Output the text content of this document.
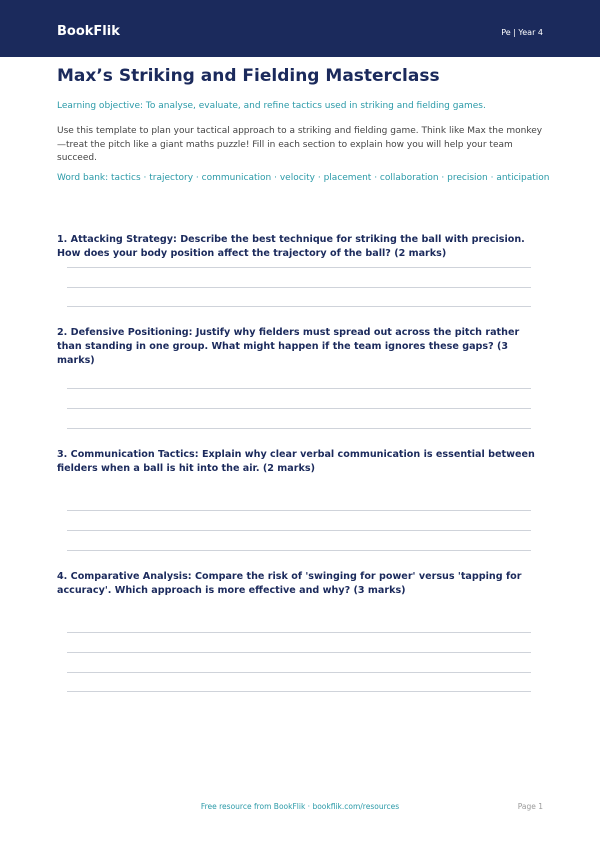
BookFlik	Pe | Year 4
Max’s Striking and Fielding Masterclass
Learning objective: To analyse, evaluate, and refine tactics used in striking and fielding games.
Use this template to plan your tactical approach to a striking and fielding game. Think like Max the monkey—treat the pitch like a giant maths puzzle! Fill in each section to explain how you will help your team succeed.
Word bank: tactics · trajectory · communication · velocity · placement · collaboration · precision · anticipation
1. Attacking Strategy: Describe the best technique for striking the ball with precision. How does your body position affect the trajectory of the ball? (2 marks)
2. Defensive Positioning: Justify why fielders must spread out across the pitch rather than standing in one group. What might happen if the team ignores these gaps? (3 marks)
3. Communication Tactics: Explain why clear verbal communication is essential between fielders when a ball is hit into the air. (2 marks)
4. Comparative Analysis: Compare the risk of 'swinging for power' versus 'tapping for accuracy'. Which approach is more effective and why? (3 marks)
Free resource from BookFlik · bookflik.com/resources	Page 1
